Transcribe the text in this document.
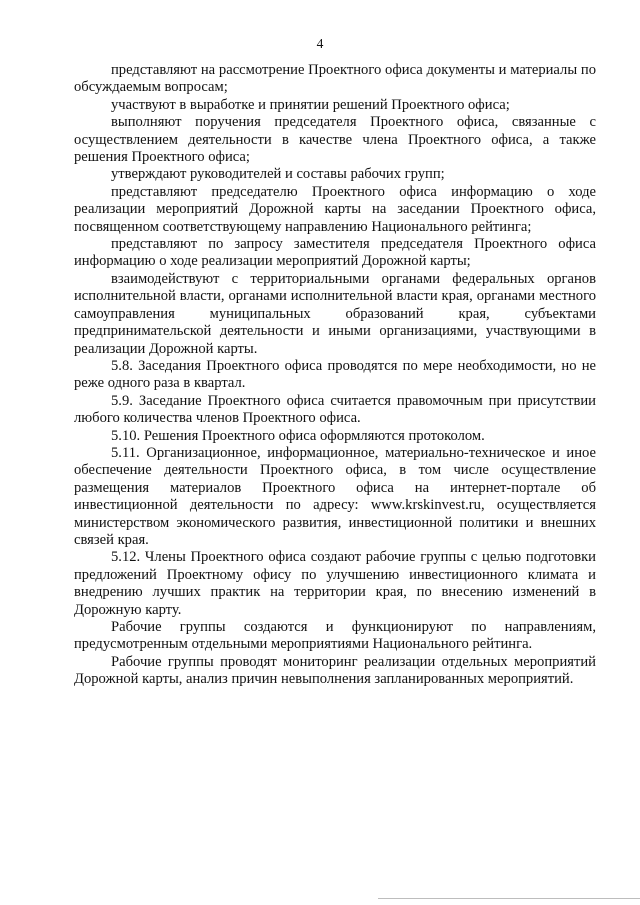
4

представляют на рассмотрение Проектного офиса документы и материалы по обсуждаемым вопросам;

участвуют в выработке и принятии решений Проектного офиса;

выполняют поручения председателя Проектного офиса, связанные с осуществлением деятельности в качестве члена Проектного офиса, а также решения Проектного офиса;

утверждают руководителей и составы рабочих групп;

представляют председателю Проектного офиса информацию о ходе реализации мероприятий Дорожной карты на заседании Проектного офиса, посвященном соответствующему направлению Национального рейтинга;

представляют по запросу заместителя председателя Проектного офиса информацию о ходе реализации мероприятий Дорожной карты;

взаимодействуют с территориальными органами федеральных органов исполнительной власти, органами исполнительной власти края, органами местного самоуправления муниципальных образований края, субъектами предпринимательской деятельности и иными организациями, участвующими в реализации Дорожной карты.

5.8. Заседания Проектного офиса проводятся по мере необходимости, но не реже одного раза в квартал.

5.9. Заседание Проектного офиса считается правомочным при присутствии любого количества членов Проектного офиса.

5.10. Решения Проектного офиса оформляются протоколом.

5.11. Организационное, информационное, материально-техническое и иное обеспечение деятельности Проектного офиса, в том числе осуществление размещения материалов Проектного офиса на интернет-портале об инвестиционной деятельности по адресу: www.krskinvest.ru, осуществляется министерством экономического развития, инвестиционной политики и внешних связей края.

5.12. Члены Проектного офиса создают рабочие группы с целью подготовки предложений Проектному офису по улучшению инвестиционного климата и внедрению лучших практик на территории края, по внесению изменений в Дорожную карту.

Рабочие группы создаются и функционируют по направлениям, предусмотренным отдельными мероприятиями Национального рейтинга.

Рабочие группы проводят мониторинг реализации отдельных мероприятий Дорожной карты, анализ причин невыполнения запланированных мероприятий.
